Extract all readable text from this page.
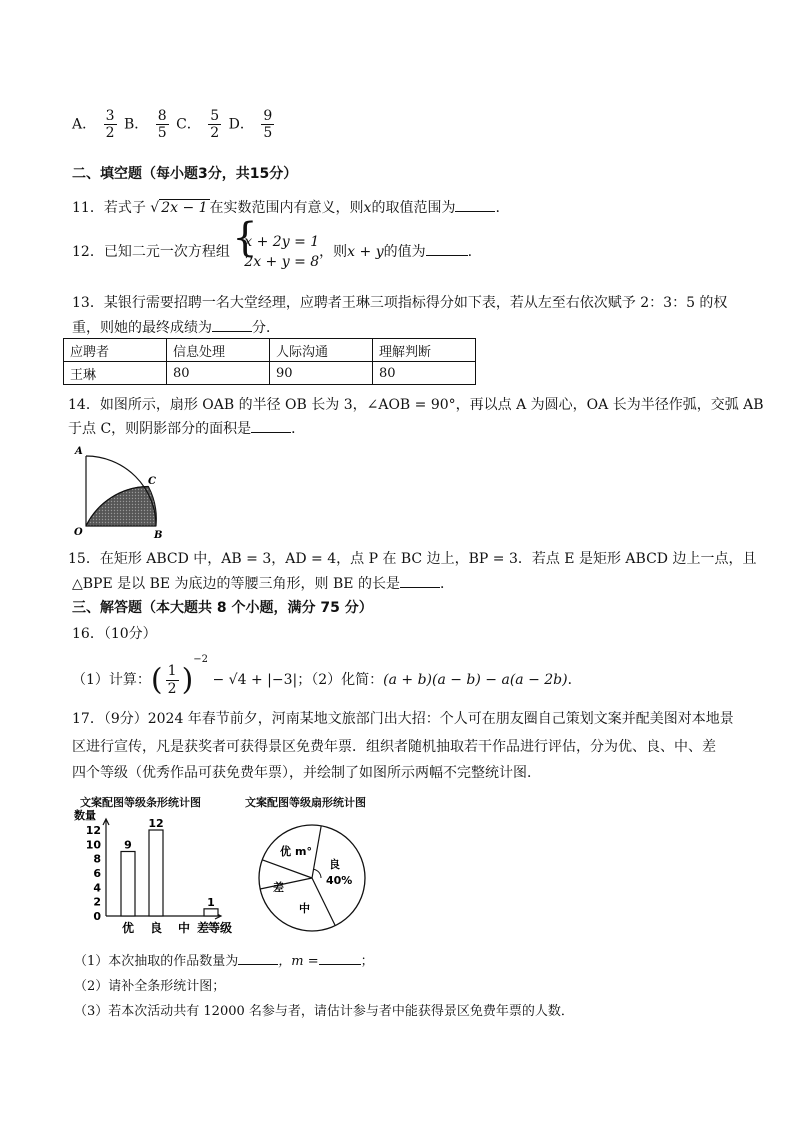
A． $\frac{3}{2}$ B． $\frac{8}{5}$ C． $\frac{5}{2}$ D． $\frac{9}{5}$
二、填空题（每小题3分，共15分）
11．若式子 √ 2x − 1 在实数范围内有意义，则x的取值范围为	.
12．已知二元一次方程组
{ x + 2y = 1
2x + y = 8
，则x + y的值为	.
13．某银行需要招聘一名大堂经理，应聘者王琳三项指标得分如下表，若从左至右依次赋予 2：3：5 的权
重，则她的最终成绩为	分．
应聘者	信息处理	人际沟通	理解判断
王琳	80	90	80
14．如图所示，扇形 OAB 的半径 OB 长为 3，∠AOB = 90°，再以点 A 为圆心，OA 长为半径作弧，交弧 AB
于点 C，则阴影部分的面积是	．
A
C
O	B
15．在矩形 ABCD 中，AB = 3，AD = 4，点 P 在 BC 边上，BP = 3．若点 E 是矩形 ABCD 边上一点，且
△BPE 是以 BE 为底边的等腰三角形，则 BE 的长是	．
三、解答题（本大题共 8 个小题，满分 75 分）
16．（10分）
（1）计算：( $\frac{1}{2} )^{-2} - √4 + |-3|$；（2）化简：(a + b)(a − b) − a(a − 2b)．
17．（9分）2024 年春节前夕，河南某地文旅部门出大招：个人可在朋友圈自己策划文案并配美图对本地景
区进行宣传，凡是获奖者可获得景区免费年票．组织者随机抽取若干作品进行评估，分为优、良、中、差
四个等级（优秀作品可获免费年票），并绘制了如图所示两幅不完整统计图．
文案配图等级条形统计图
数量
0
2
4
6
8
10
12
9
优
12
良 中
1
差
等级
文案配图等级扇形统计图
良
40%
中
差
优 m°
（1）本次抽取的作品数量为	，m =	；
（2）请补全条形统计图；
（3）若本次活动共有 12000 名参与者，请估计参与者中能获得景区免费年票的人数．
